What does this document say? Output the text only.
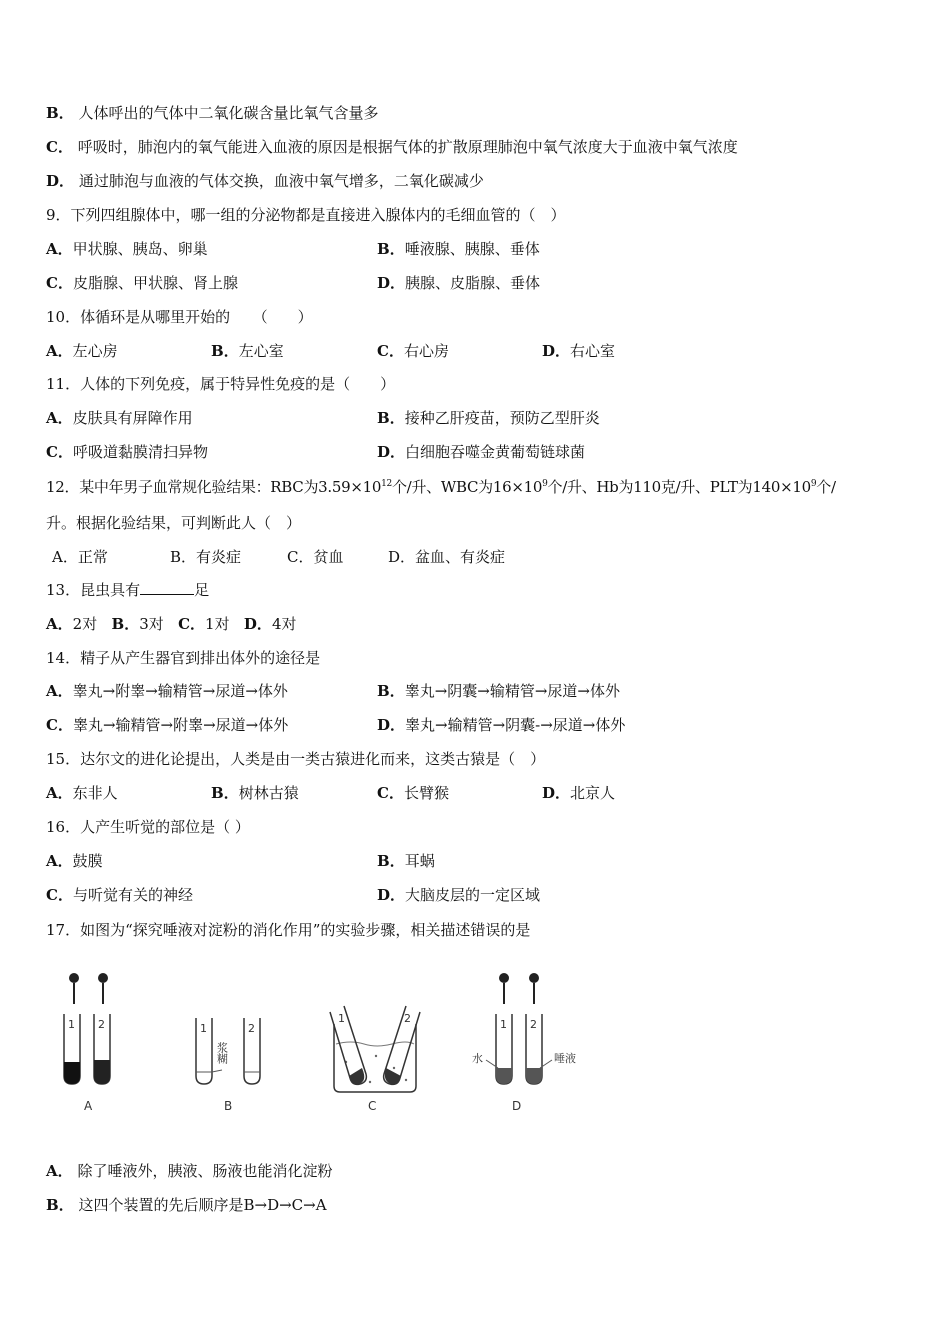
B． 人体呼出的气体中二氧化碳含量比氧气含量多
C． 呼吸时，肺泡内的氧气能进入血液的原因是根据气体的扩散原理肺泡中氧气浓度大于血液中氧气浓度
D． 通过肺泡与血液的气体交换，血液中氧气增多，二氧化碳减少
9．下列四组腺体中，哪一组的分泌物都是直接进入腺体内的毛细血管的（　）
A．甲状腺、胰岛、卵巢	B．唾液腺、胰腺、垂体
C．皮脂腺、甲状腺、肾上腺	D．胰腺、皮脂腺、垂体
10．体循环是从哪里开始的　　（　　）
A．左心房	B．左心室	C．右心房	D．右心室
11．人体的下列免疫，属于特异性免疫的是（　　）
A．皮肤具有屏障作用	B．接种乙肝疫苗，预防乙型肝炎
C．呼吸道黏膜清扫异物	D．白细胞吞噬金黄葡萄链球菌
12．某中年男子血常规化验结果：RBC为$3.59\times 10^{12}$个/升、WBC为$16\times 10^9$个/升、Hb为110克/升、PLT为$140\times 10^9$个/
升。根据化验结果，可判断此人（　）
A．正常	B．有炎症	C．贫血	D．盆血、有炎症
13．昆虫具有	足
A．2对 B．3对 C．1对 D．4对
14．精子从产生器官到排出体外的途径是
A．睾丸→附睾→输精管→尿道→体外	B．睾丸→阴囊→输精管→尿道→体外
C．睾丸→输精管→附睾→尿道→体外	D．睾丸→输精管→阴囊-→尿道→体外
15．达尔文的进化论提出，人类是由一类古猿进化而来，这类古猿是（　）
A．东非人	B．树林古猿	C．长臂猴	D．北京人
16．人产生听觉的部位是（ ）
A．鼓膜	B．耳蜗
C．与听觉有关的神经	D．大脑皮层的一定区域
17．如图为“探究唾液对淀粉的消化作用”的实验步骤，相关描述错误的是
1 2
A
1	2
浆糊
B
1	2
C
1 2
水	唾液
D
A． 除了唾液外，胰液、肠液也能消化淀粉
B． 这四个装置的先后顺序是B→D→C→A
